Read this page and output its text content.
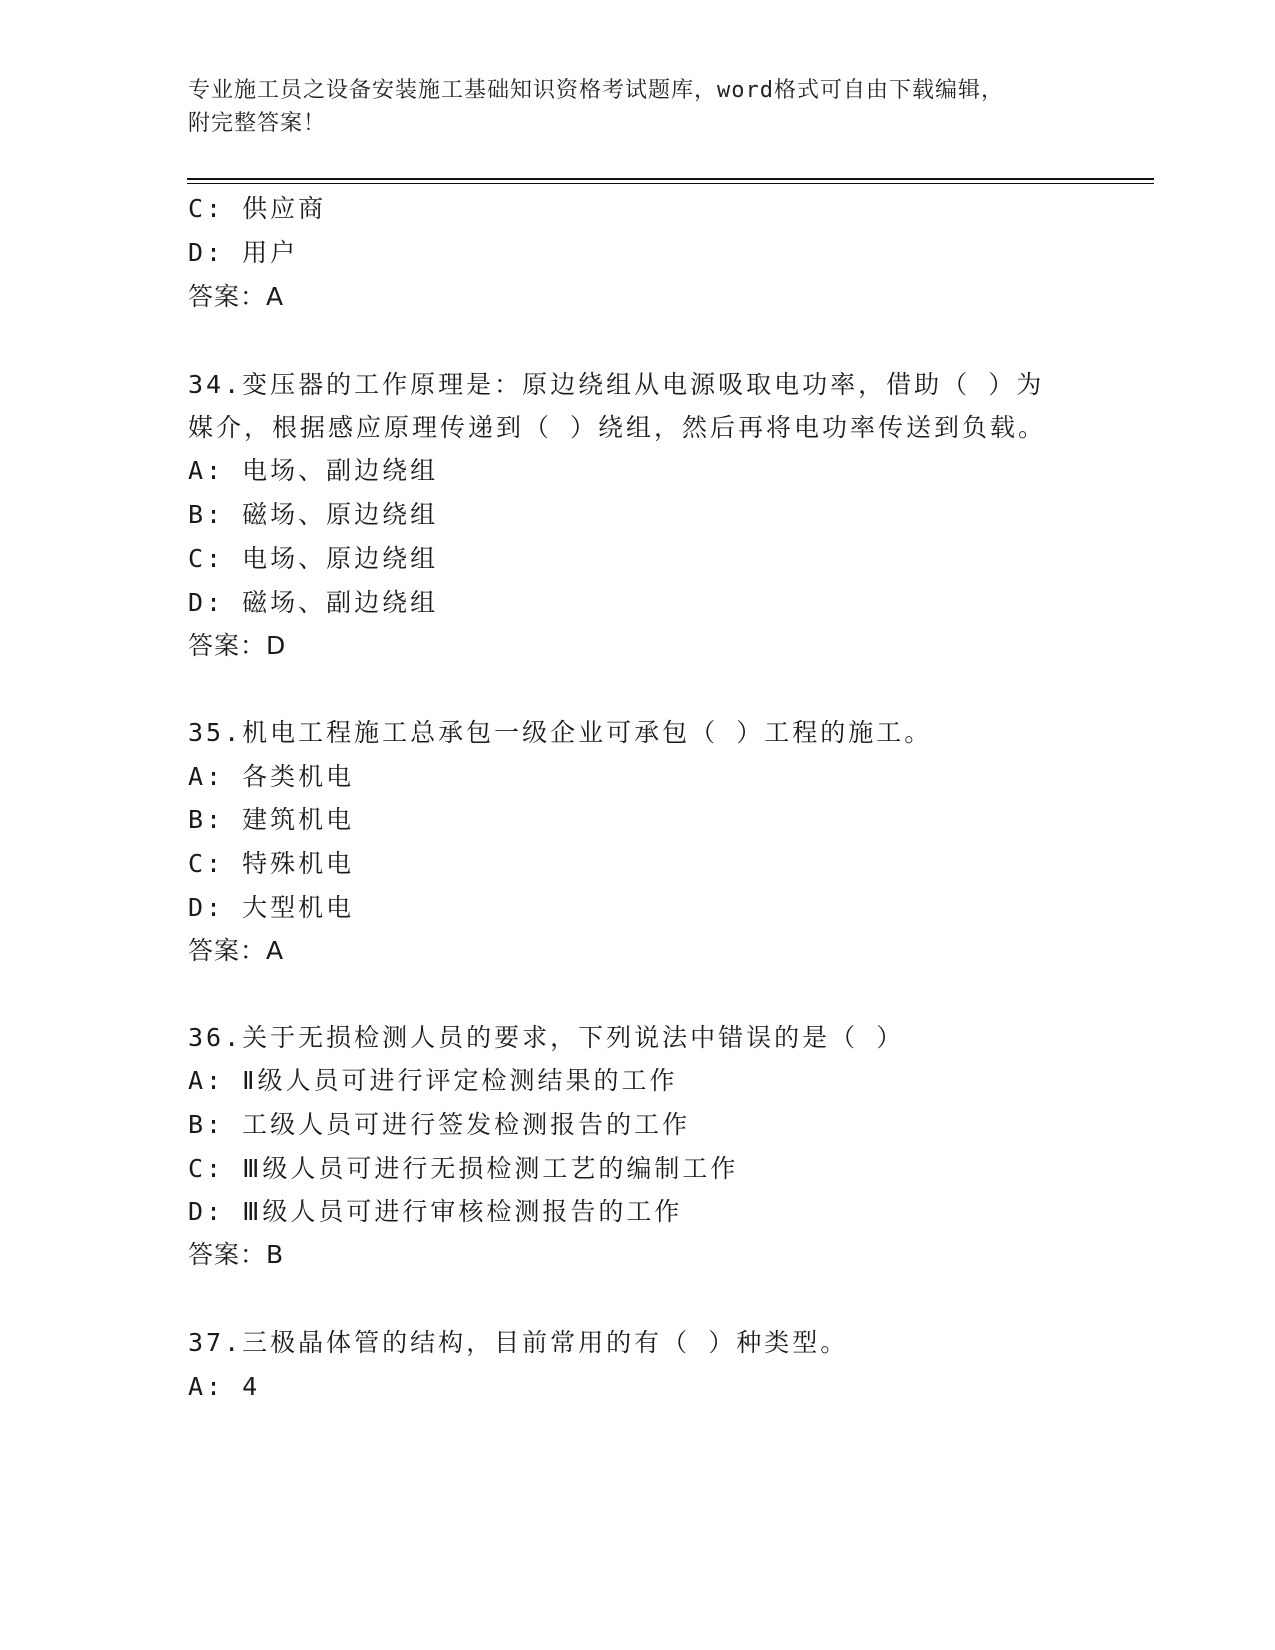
专业施工员之设备安装施工基础知识资格考试题库，word格式可自由下载编辑，
附完整答案！
C: 供应商
D: 用户
答案：A
34.变压器的工作原理是：原边绕组从电源吸取电功率，借助（ ）为
媒介，根据感应原理传递到（ ）绕组，然后再将电功率传送到负载。
A: 电场、副边绕组
B: 磁场、原边绕组
C: 电场、原边绕组
D: 磁场、副边绕组
答案：D
35.机电工程施工总承包一级企业可承包（ ）工程的施工。
A: 各类机电
B: 建筑机电
C: 特殊机电
D: 大型机电
答案：A
36.关于无损检测人员的要求，下列说法中错误的是（ ）
A: Ⅱ级人员可进行评定检测结果的工作
B: 工级人员可进行签发检测报告的工作
C: Ⅲ级人员可进行无损检测工艺的编制工作
D: Ⅲ级人员可进行审核检测报告的工作
答案：B
37.三极晶体管的结构，目前常用的有（ ）种类型。
A: 4
